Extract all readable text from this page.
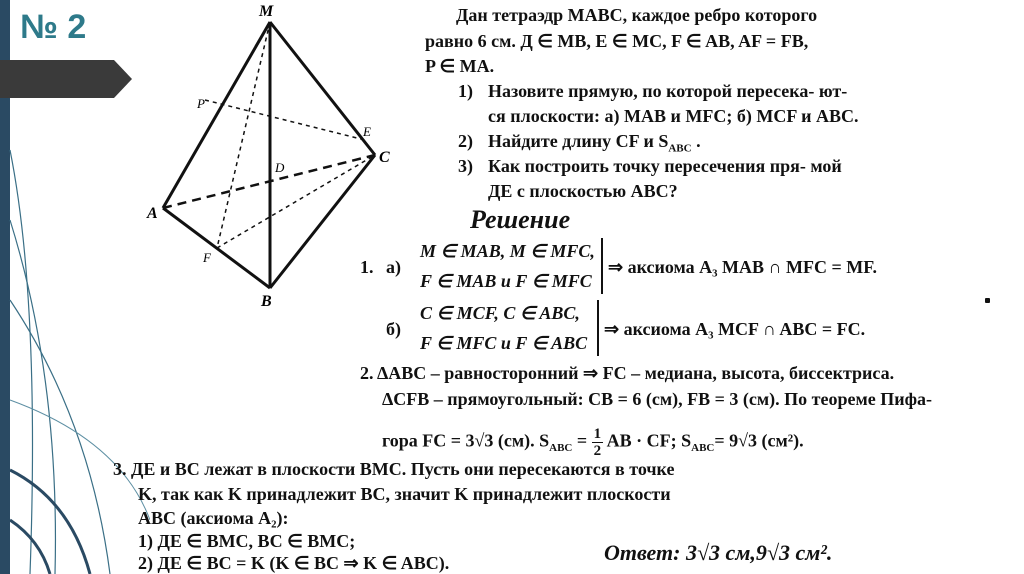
№ 2	M
P
D
E
C
A
F
B
Дан тетраэдр MABC, каждое ребро которого
равно 6 см. Д ∈ MB, E ∈ MC, F ∈ AB, AF = FB,
P ∈ MA.
1) Назовите прямую, по которой пересека- ют-
ся плоскости: а) MAB и MFC; б) MCF и ABC.
2) Найдите длину CF и $S_{ABC}$ .
3) Как построить точку пересечения пря- мой
ДЕ с плоскостью ABC?
Решение
1. а)
M ∈ MAB, M ∈ MFC,
F ∈ MAB и F ∈ MFC
⇒ аксиома A₃ MAB ∩ MFC = MF.
б)
C ∈ MCF, C ∈ ABC,
F ∈ MFC и F ∈ ABC
⇒ аксиома A₃ MCF ∩ ABC = FC.
2. ΔABC – равносторонний ⇒ FC – медиана, высота, биссектриса.
ΔCFB – прямоугольный: CB = 6 (см), FB = 3 (см). По теореме Пифа-
гора FC = 3√3 (см). $S_{ABC} = \frac{1}{2}$ AB · CF; $S_{ABC}= 9√3$ (см²).
3. ДЕ и BC лежат в плоскости BMC. Пусть они пересекаются в точке
K, так как K принадлежит BC, значит K принадлежит плоскости
ABC (аксиома A₂):
1) ДЕ ∈ BMC, BC ∈ BMC;
2) ДЕ ∈ BC = K (K ∈ BC ⇒ K ∈ ABC).	Ответ: 3√3 см,9√3 см².
